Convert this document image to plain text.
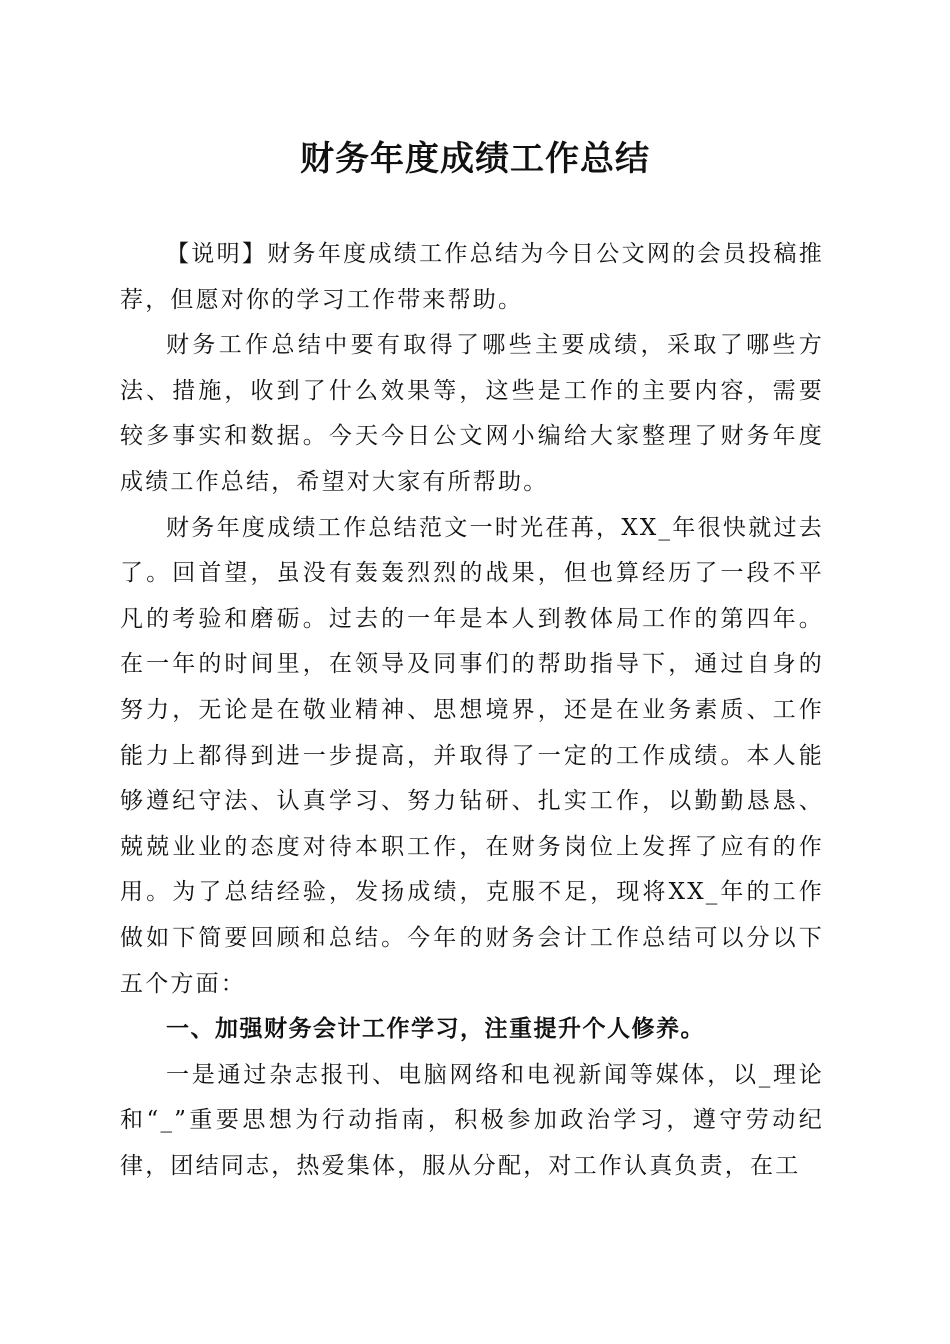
财务年度成绩工作总结

【说明】财务年度成绩工作总结为今日公文网的会员投稿推荐，但愿对你的学习工作带来帮助。

财务工作总结中要有取得了哪些主要成绩，采取了哪些方法、措施，收到了什么效果等，这些是工作的主要内容，需要较多事实和数据。今天今日公文网小编给大家整理了财务年度成绩工作总结，希望对大家有所帮助。

财务年度成绩工作总结范文一时光荏苒，XX_年很快就过去了。回首望，虽没有轰轰烈烈的战果，但也算经历了一段不平凡的考验和磨砺。过去的一年是本人到教体局工作的第四年。在一年的时间里，在领导及同事们的帮助指导下，通过自身的努力，无论是在敬业精神、思想境界，还是在业务素质、工作能力上都得到进一步提高，并取得了一定的工作成绩。本人能够遵纪守法、认真学习、努力钻研、扎实工作，以勤勤恳恳、兢兢业业的态度对待本职工作，在财务岗位上发挥了应有的作用。为了总结经验，发扬成绩，克服不足，现将XX_年的工作做如下简要回顾和总结。今年的财务会计工作总结可以分以下五个方面：

一、加强财务会计工作学习，注重提升个人修养。

一是通过杂志报刊、电脑网络和电视新闻等媒体，以_理论和“_”重要思想为行动指南，积极参加政治学习，遵守劳动纪律，团结同志，热爱集体，服从分配，对工作认真负责，在工
